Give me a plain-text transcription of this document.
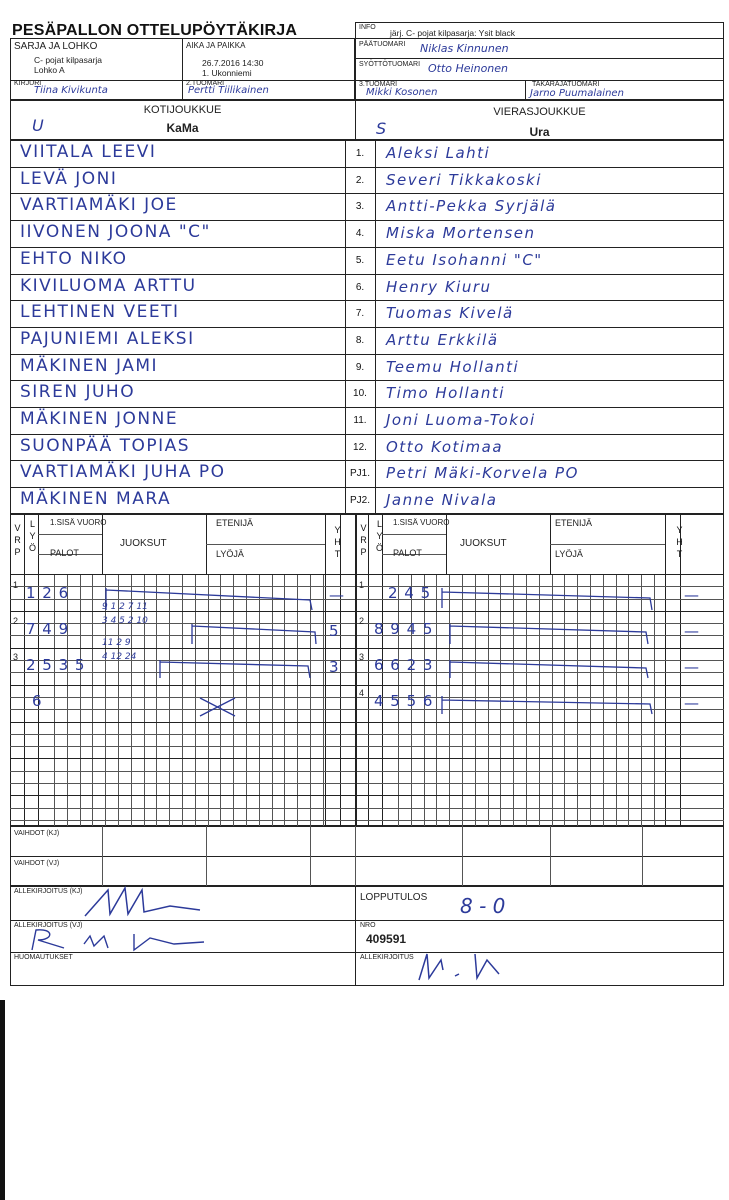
PESÄPALLON OTTELUPÖYTÄKIRJA
SARJA JA LOHKO
C- pojat kilpasarja
Lohko A
AIKA JA PAIKKA
26.7.2016 14:30
1. Ukonniemi
KIRJURI
Tiina Kivikunta
2.TUOMARI
Pertti Tiilikainen
INFO
järj. C- pojat kilpasarja: Ysit black
PÄÄTUOMARI Niklas Kinnunen
SYÖTTÖTUOMARI Otto Heinonen
3.TUOMARI
Mikki Kosonen
TAKARAJATUOMARI
Jarno Puumalainen
KOTIJOUKKUE
KaMa
U
VIERASJOUKKUE
Ura
S
VIITALA LEEVI	1.	Aleksi Lahti
LEVÄ JONI	2.	Severi Tikkakoski
VARTIAMÄKI JOE	3.	Antti-Pekka Syrjälä
IIVONEN JOONA "C"	4.	Miska Mortensen
EHTO NIKO	5.	Eetu Isohanni "C"
KIVILUOMA ARTTU	6.	Henry Kiuru
LEHTINEN VEETI	7.	Tuomas Kivelä
PAJUNIEMI ALEKSI	8.	Arttu Erkkilä
MÄKINEN JAMI	9.	Teemu Hollanti
SIREN JUHO	10.	Timo Hollanti
MÄKINEN JONNE	11.	Joni Luoma-Tokoi
SUONPÄÄ TOPIAS	12.	Otto Kotimaa
VARTIAMÄKI JUHA PO	PJ1.	Petri Mäki-Korvela PO
MÄKINEN MARA	PJ2.	Janne Nivala
V
R
P
L
Y
Ö
1.SISÄ VUORO
PALOT
JUOKSUT
ETENIJÄ
LYÖJÄ
Y
H
T
V
R
P
L
Y
Ö
1.SISÄ VUORO
PALOT
JUOKSUT
ETENIJÄ
LYÖJÄ
Y
H
T
1 1 2 6	—
2 7 4 9	5
3 2 5 3 5	3
6
1 2 4 5	—
2 8 9 4 5	—
3 6 6 2 3	—
4 4 5 5 6	—
9 1 2 7 11
3 4 5 2 10
11 2 9
4 12 24
VAIHDOT (KJ)
VAIHDOT (VJ)
ALLEKIRJOITUS (KJ)
ALLEKIRJOITUS (VJ)
HUOMAUTUKSET
LOPPUTULOS 8 - 0
NRO
409591
ALLEKIRJOITUS
